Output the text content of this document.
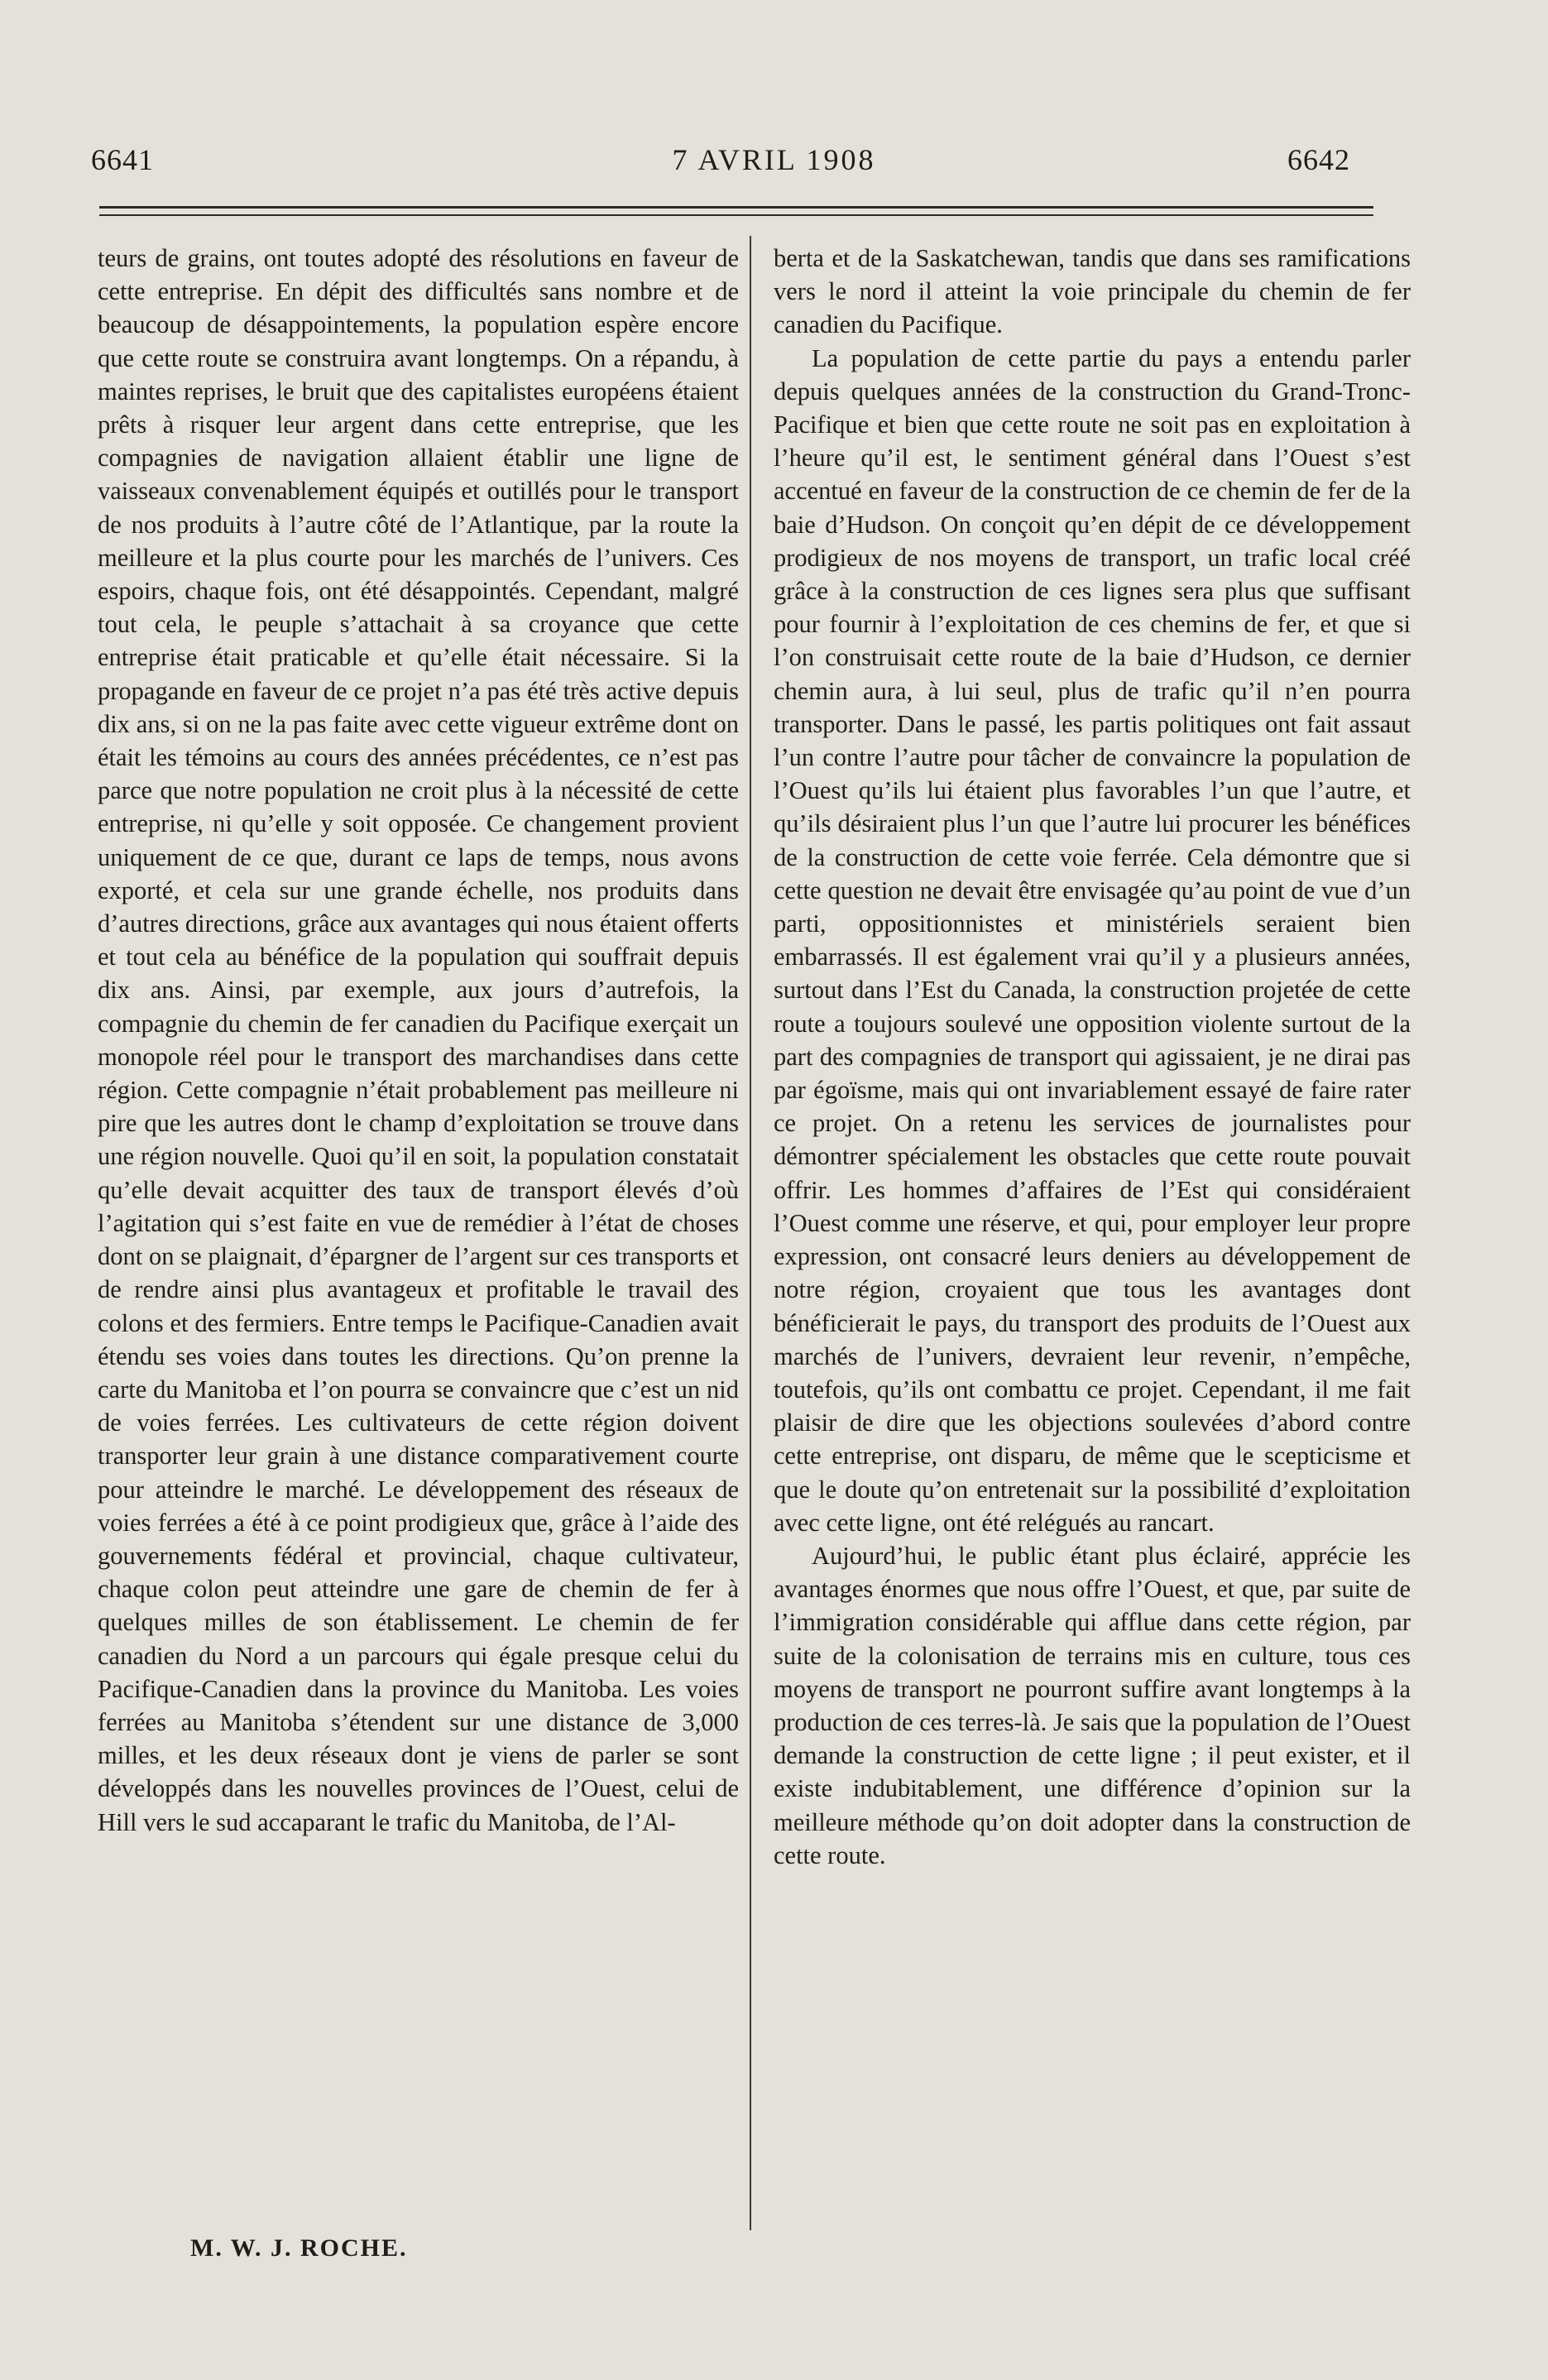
6641	7 AVRIL 1908	6642

teurs de grains, ont toutes adopté des résolutions en faveur de cette entreprise. En dépit des difficultés sans nombre et de beaucoup de désappointements, la population espère encore que cette route se construira avant longtemps. On a répandu, à maintes reprises, le bruit que des capitalistes européens étaient prêts à risquer leur argent dans cette entreprise, que les compagnies de navigation allaient établir une ligne de vaisseaux convenablement équipés et outillés pour le transport de nos produits à l’autre côté de l’Atlantique, par la route la meilleure et la plus courte pour les marchés de l’univers. Ces espoirs, chaque fois, ont été désappointés. Cependant, malgré tout cela, le peuple s’attachait à sa croyance que cette entreprise était praticable et qu’elle était nécessaire. Si la propagande en faveur de ce projet n’a pas été très active depuis dix ans, si on ne la pas faite avec cette vigueur extrême dont on était les témoins au cours des années précédentes, ce n’est pas parce que notre population ne croit plus à la nécessité de cette entreprise, ni qu’elle y soit opposée. Ce changement provient uniquement de ce que, durant ce laps de temps, nous avons exporté, et cela sur une grande échelle, nos produits dans d’autres directions, grâce aux avantages qui nous étaient offerts et tout cela au bénéfice de la population qui souffrait depuis dix ans. Ainsi, par exemple, aux jours d’autrefois, la compagnie du chemin de fer canadien du Pacifique exerçait un monopole réel pour le transport des marchandises dans cette région. Cette compagnie n’était probablement pas meilleure ni pire que les autres dont le champ d’exploitation se trouve dans une région nouvelle. Quoi qu’il en soit, la population constatait qu’elle devait acquitter des taux de transport élevés d’où l’agitation qui s’est faite en vue de remédier à l’état de choses dont on se plaignait, d’épargner de l’argent sur ces transports et de rendre ainsi plus avantageux et profitable le travail des colons et des fermiers. Entre temps le Pacifique-Canadien avait étendu ses voies dans toutes les directions. Qu’on prenne la carte du Manitoba et l’on pourra se convaincre que c’est un nid de voies ferrées. Les cultivateurs de cette région doivent transporter leur grain à une distance comparativement courte pour atteindre le marché. Le développement des réseaux de voies ferrées a été à ce point prodigieux que, grâce à l’aide des gouvernements fédéral et provincial, chaque cultivateur, chaque colon peut atteindre une gare de chemin de fer à quelques milles de son établissement. Le chemin de fer canadien du Nord a un parcours qui égale presque celui du Pacifique-Canadien dans la province du Manitoba. Les voies ferrées au Manitoba s’étendent sur une distance de 3,000 milles, et les deux réseaux dont je viens de parler se sont développés dans les nouvelles provinces de l’Ouest, celui de Hill vers le sud accaparant le trafic du Manitoba, de l’Al-

M. W. J. ROCHE.

berta et de la Saskatchewan, tandis que dans ses ramifications vers le nord il atteint la voie principale du chemin de fer canadien du Pacifique.

La population de cette partie du pays a entendu parler depuis quelques années de la construction du Grand-Tronc-Pacifique et bien que cette route ne soit pas en exploitation à l’heure qu’il est, le sentiment général dans l’Ouest s’est accentué en faveur de la construction de ce chemin de fer de la baie d’Hudson. On conçoit qu’en dépit de ce développement prodigieux de nos moyens de transport, un trafic local créé grâce à la construction de ces lignes sera plus que suffisant pour fournir à l’exploitation de ces chemins de fer, et que si l’on construisait cette route de la baie d’Hudson, ce dernier chemin aura, à lui seul, plus de trafic qu’il n’en pourra transporter. Dans le passé, les partis politiques ont fait assaut l’un contre l’autre pour tâcher de convaincre la population de l’Ouest qu’ils lui étaient plus favorables l’un que l’autre, et qu’ils désiraient plus l’un que l’autre lui procurer les bénéfices de la construction de cette voie ferrée. Cela démontre que si cette question ne devait être envisagée qu’au point de vue d’un parti, oppositionnistes et ministériels seraient bien embarrassés. Il est également vrai qu’il y a plusieurs années, surtout dans l’Est du Canada, la construction projetée de cette route a toujours soulevé une opposition violente surtout de la part des compagnies de transport qui agissaient, je ne dirai pas par égoïsme, mais qui ont invariablement essayé de faire rater ce projet. On a retenu les services de journalistes pour démontrer spécialement les obstacles que cette route pouvait offrir. Les hommes d’affaires de l’Est qui considéraient l’Ouest comme une réserve, et qui, pour employer leur propre expression, ont consacré leurs deniers au développement de notre région, croyaient que tous les avantages dont bénéficierait le pays, du transport des produits de l’Ouest aux marchés de l’univers, devraient leur revenir, n’empêche, toutefois, qu’ils ont combattu ce projet. Cependant, il me fait plaisir de dire que les objections soulevées d’abord contre cette entreprise, ont disparu, de même que le scepticisme et que le doute qu’on entretenait sur la possibilité d’exploitation avec cette ligne, ont été relégués au rancart.

Aujourd’hui, le public étant plus éclairé, apprécie les avantages énormes que nous offre l’Ouest, et que, par suite de l’immigration considérable qui afflue dans cette région, par suite de la colonisation de terrains mis en culture, tous ces moyens de transport ne pourront suffire avant longtemps à la production de ces terres-là. Je sais que la population de l’Ouest demande la construction de cette ligne ; il peut exister, et il existe indubitablement, une différence d’opinion sur la meilleure méthode qu’on doit adopter dans la construction de cette route.
